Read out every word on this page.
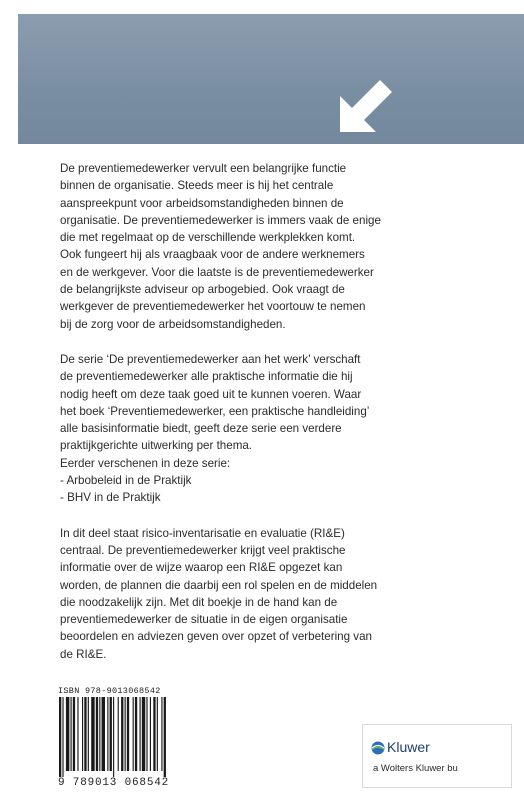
De preventiemedewerker vervult een belangrijke functie
binnen de organisatie. Steeds meer is hij het centrale
aanspreekpunt voor arbeidsomstandigheden binnen de
organisatie. De preventiemedewerker is immers vaak de enige
die met regelmaat op de verschillende werkplekken komt.
Ook fungeert hij als vraagbaak voor de andere werknemers
en de werkgever. Voor die laatste is de preventiemedewerker
de belangrijkste adviseur op arbogebied. Ook vraagt de
werkgever de preventiemedewerker het voortouw te nemen
bij de zorg voor de arbeidsomstandigheden.

De serie ‘De preventiemedewerker aan het werk’ verschaft
de preventiemedewerker alle praktische informatie die hij
nodig heeft om deze taak goed uit te kunnen voeren. Waar
het boek ‘Preventiemedewerker, een praktische handleiding’
alle basisinformatie biedt, geeft deze serie een verdere
praktijkgerichte uitwerking per thema.
Eerder verschenen in deze serie:
- Arbobeleid in de Praktijk
- BHV in de Praktijk

In dit deel staat risico-inventarisatie en evaluatie (RI&E)
centraal. De preventiemedewerker krijgt veel praktische
informatie over de wijze waarop een RI&E opgezet kan
worden, de plannen die daarbij een rol spelen en de middelen
die noodzakelijk zijn. Met dit boekje in de hand kan de
preventiemedewerker de situatie in de eigen organisatie
beoordelen en adviezen geven over opzet of verbetering van
de RI&E.

ISBN 978-9013068542
9 789013 068542
Kluwer
a Wolters Kluwer bu
